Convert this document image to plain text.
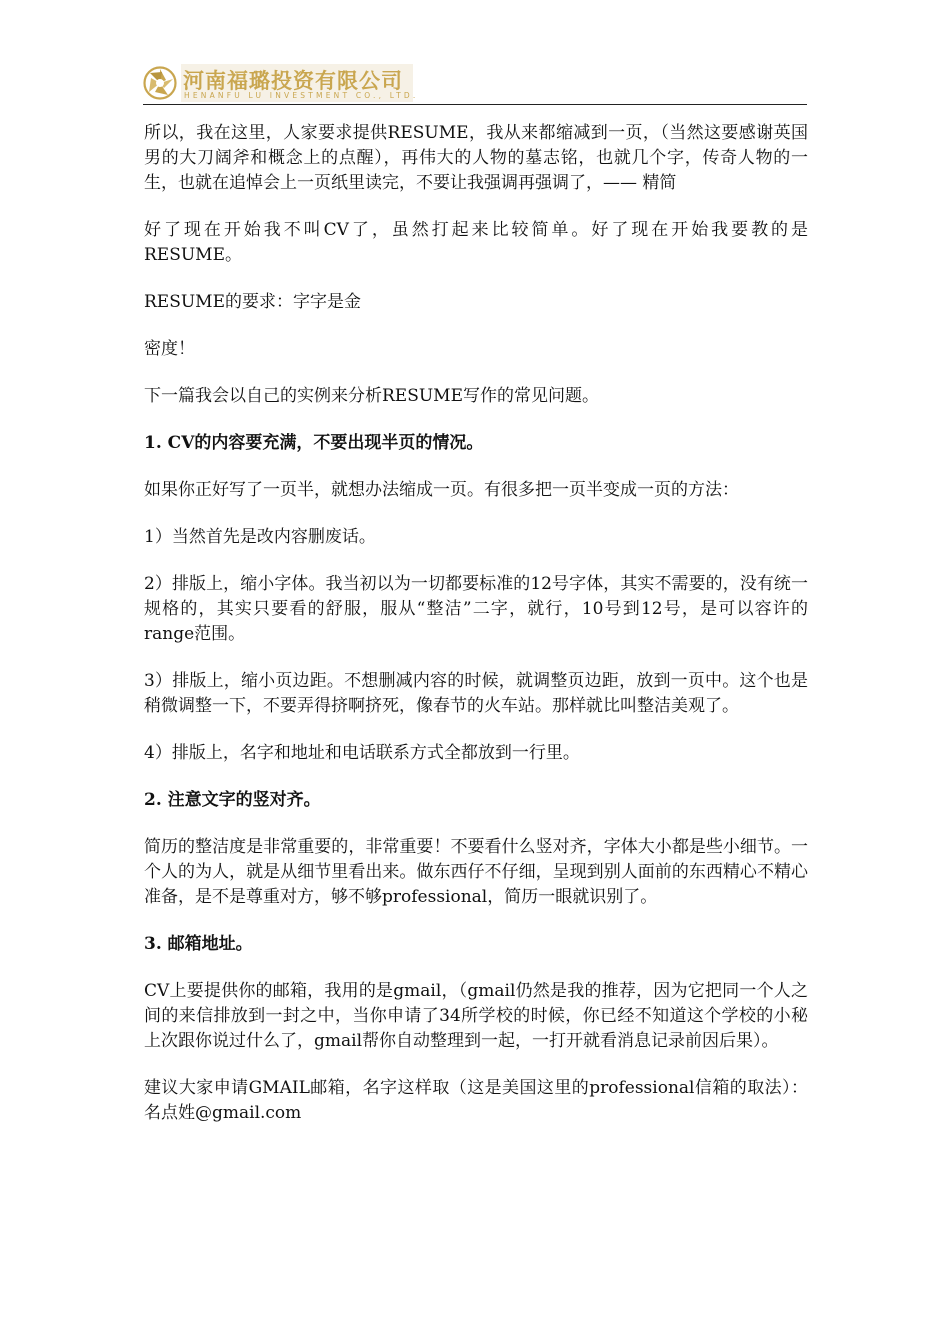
河南福璐投资有限公司
HENANFU LU INVESTMENT CO., LTD.

所以，我在这里，人家要求提供RESUME，我从来都缩减到一页，（当然这要感谢英国男的大刀阔斧和概念上的点醒），再伟大的人物的墓志铭，也就几个字，传奇人物的一生，也就在追悼会上一页纸里读完，不要让我强调再强调了，—— 精简

好了现在开始我不叫CV了，虽然打起来比较简单。好了现在开始我要教的是RESUME。

RESUME的要求：字字是金

密度！

下一篇我会以自己的实例来分析RESUME写作的常见问题。

1. CV的内容要充满，不要出现半页的情况。

如果你正好写了一页半，就想办法缩成一页。有很多把一页半变成一页的方法：

1）当然首先是改内容删废话。

2）排版上，缩小字体。我当初以为一切都要标准的12号字体，其实不需要的，没有统一规格的，其实只要看的舒服，服从“整洁”二字，就行，10号到12号，是可以容许的range范围。

3）排版上，缩小页边距。不想删减内容的时候，就调整页边距，放到一页中。这个也是稍微调整一下，不要弄得挤啊挤死，像春节的火车站。那样就比叫整洁美观了。

4）排版上，名字和地址和电话联系方式全都放到一行里。

2. 注意文字的竖对齐。

简历的整洁度是非常重要的，非常重要！不要看什么竖对齐，字体大小都是些小细节。一个人的为人，就是从细节里看出来。做东西仔不仔细，呈现到别人面前的东西精心不精心准备，是不是尊重对方，够不够professional，简历一眼就识别了。

3. 邮箱地址。

CV上要提供你的邮箱，我用的是gmail，（gmail仍然是我的推荐，因为它把同一个人之间的来信排放到一封之中，当你申请了34所学校的时候，你已经不知道这个学校的小秘上次跟你说过什么了，gmail帮你自动整理到一起，一打开就看消息记录前因后果）。

建议大家申请GMAIL邮箱，名字这样取（这是美国这里的professional信箱的取法）：名点姓@gmail.com
